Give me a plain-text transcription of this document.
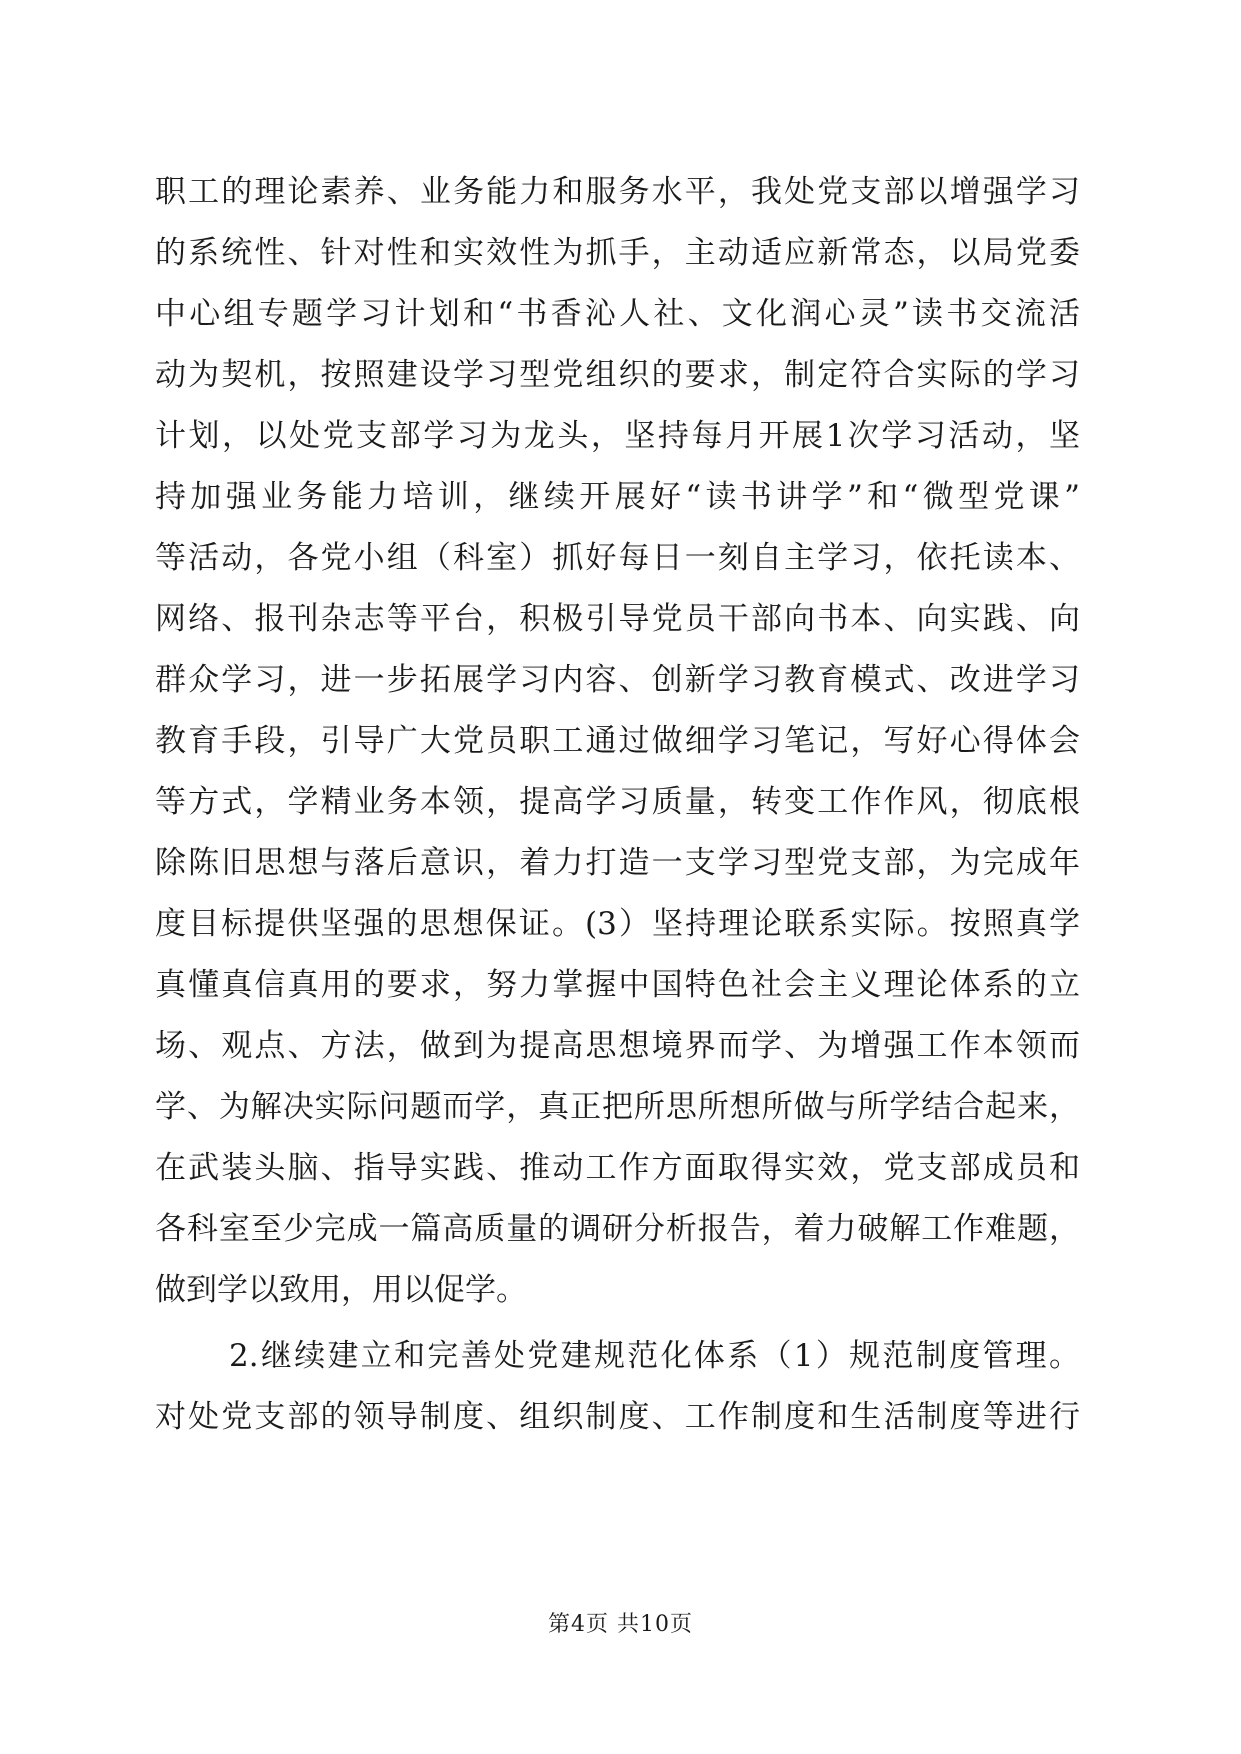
职工的理论素养、业务能力和服务水平，我处党支部以增强学习
的系统性、针对性和实效性为抓手，主动适应新常态，以局党委
中心组专题学习计划和“书香沁人社、文化润心灵”读书交流活
动为契机，按照建设学习型党组织的要求，制定符合实际的学习
计划，以处党支部学习为龙头，坚持每月开展1次学习活动，坚
持加强业务能力培训，继续开展好“读书讲学”和“微型党课”
等活动，各党小组（科室）抓好每日一刻自主学习，依托读本、
网络、报刊杂志等平台，积极引导党员干部向书本、向实践、向
群众学习，进一步拓展学习内容、创新学习教育模式、改进学习
教育手段，引导广大党员职工通过做细学习笔记，写好心得体会
等方式，学精业务本领，提高学习质量，转变工作作风，彻底根
除陈旧思想与落后意识，着力打造一支学习型党支部，为完成年
度目标提供坚强的思想保证。(3）坚持理论联系实际。按照真学
真懂真信真用的要求，努力掌握中国特色社会主义理论体系的立
场、观点、方法，做到为提高思想境界而学、为增强工作本领而
学、为解决实际问题而学，真正把所思所想所做与所学结合起来，
在武装头脑、指导实践、推动工作方面取得实效，党支部成员和
各科室至少完成一篇高质量的调研分析报告，着力破解工作难题，
做到学以致用，用以促学。
2.继续建立和完善处党建规范化体系（1）规范制度管理。
对处党支部的领导制度、组织制度、工作制度和生活制度等进行
第4页 共10页
